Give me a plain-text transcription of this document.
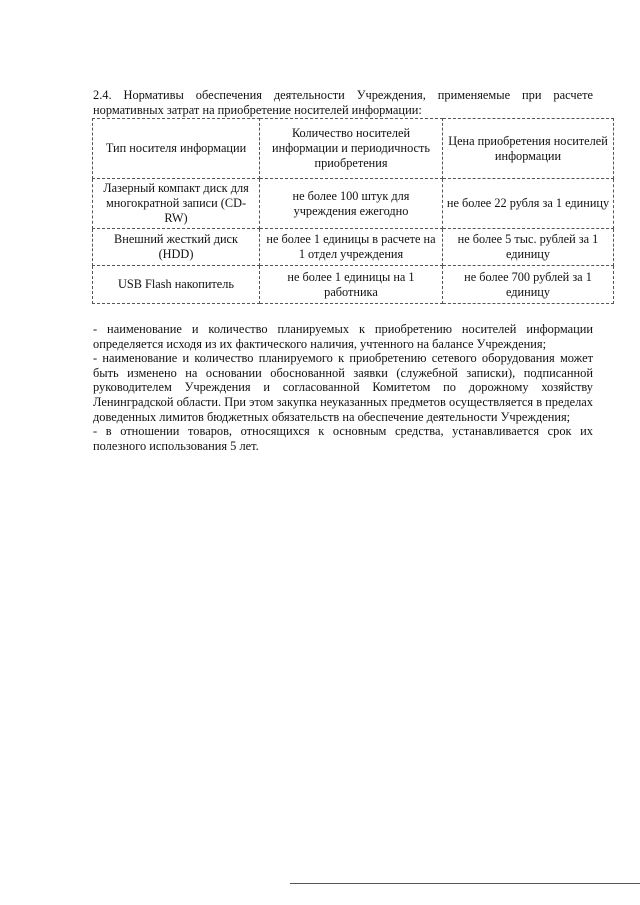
2.4. Нормативы обеспечения деятельности Учреждения, применяемые при расчете нормативных затрат на приобретение носителей информации:

Тип носителя информации	Количество носителей информации и периодичность приобретения	Цена приобретения носителей информации
Лазерный компакт диск для многократной записи (CD-RW)	не более 100 штук для учреждения ежегодно	не более 22 рубля за 1 единицу
Внешний жесткий диск (HDD)	не более 1 единицы в расчете на 1 отдел учреждения	не более 5 тыс. рублей за 1 единицу
USB Flash накопитель	не более 1 единицы на 1 работника	не более 700 рублей за 1 единицу

- наименование и количество планируемых к приобретению носителей информации определяется исходя из их фактического наличия, учтенного на балансе Учреждения;

- наименование и количество планируемого к приобретению сетевого оборудования может быть изменено на основании обоснованной заявки (служебной записки), подписанной руководителем Учреждения и согласованной Комитетом по дорожному хозяйству Ленинградской области. При этом закупка неуказанных предметов осуществляется в пределах доведенных лимитов бюджетных обязательств на обеспечение деятельности Учреждения;

- в отношении товаров, относящихся к основным средства, устанавливается срок их полезного использования 5 лет.
